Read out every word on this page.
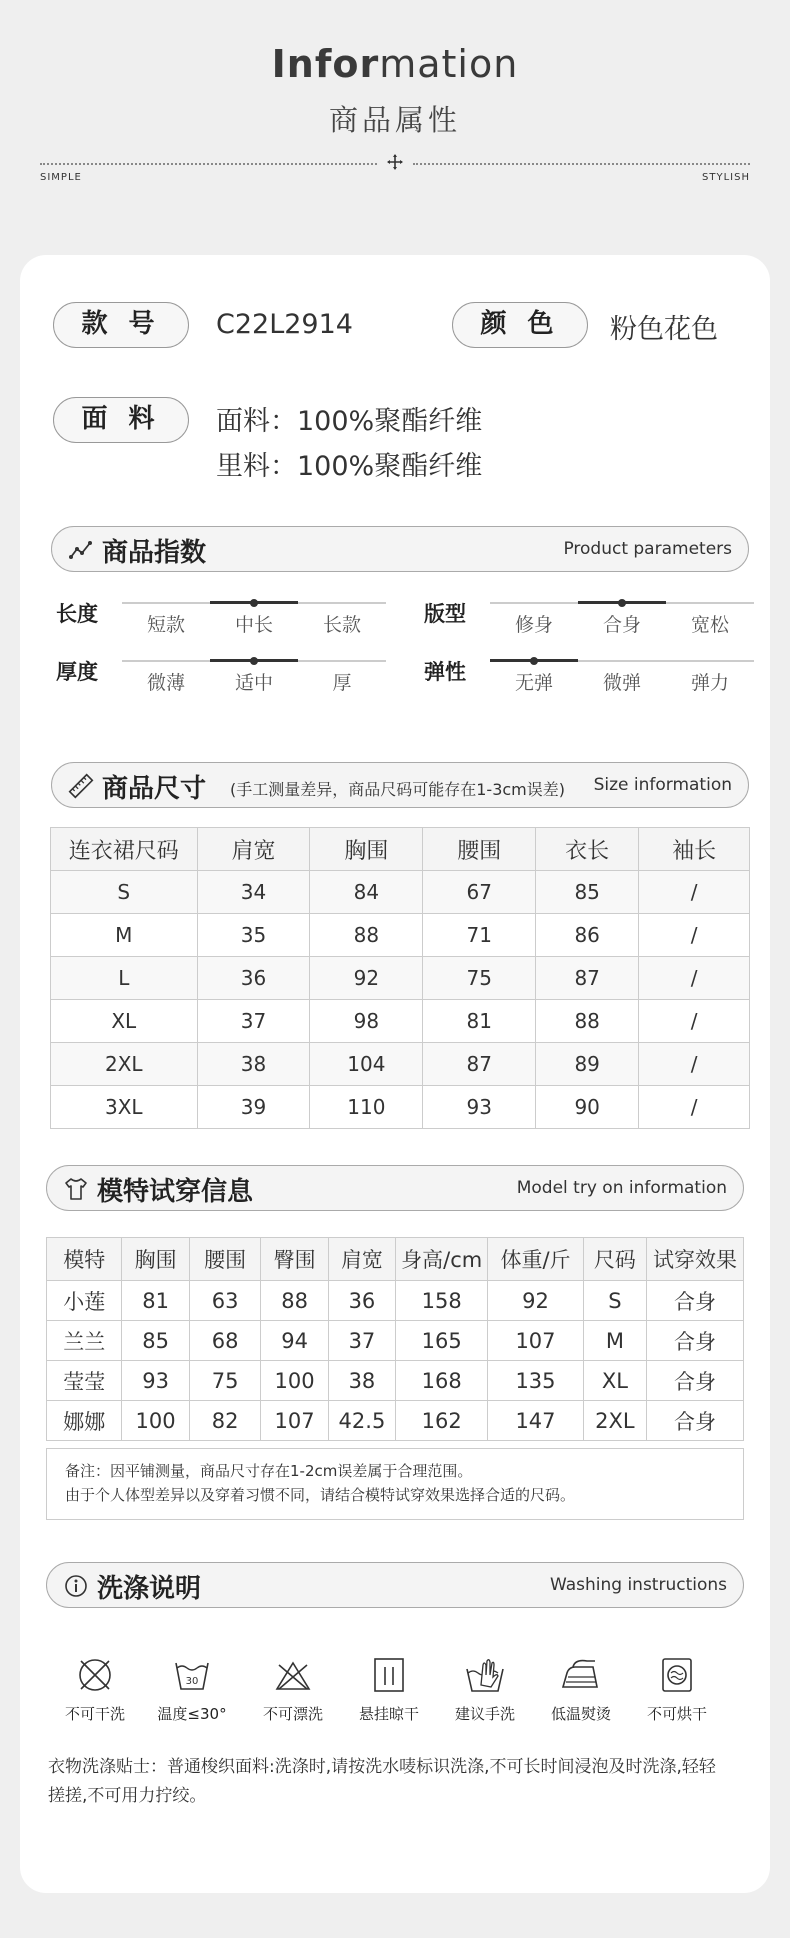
Information
商品属性
SIMPLE	STYLISH
款 号	C22L2914	颜 色	粉色花色
面 料	面料：100%聚酯纤维
里料：100%聚酯纤维
商品指数	Product parameters
长度	短款	中长	长款	版型	修身	合身	宽松
厚度	微薄	适中	厚	弹性	无弹	微弹	弹力
商品尺寸 (手工测量差异，商品尺码可能存在1-3cm误差) Size information
连衣裙尺码	肩宽	胸围	腰围	衣长	袖长
S	34	84	67	85	/
M	35	88	71	86	/
L	36	92	75	87	/
XL	37	98	81	88	/
2XL	38	104	87	89	/
3XL	39	110	93	90	/
模特试穿信息	Model try on information
模特	胸围	腰围	臀围	肩宽	身高/cm	体重/斤	尺码	试穿效果
小莲	81	63	88	36	158	92	S	合身
兰兰	85	68	94	37	165	107	M	合身
莹莹	93	75	100	38	168	135	XL	合身
娜娜	100	82	107	42.5	162	147	2XL	合身
备注：因平铺测量，商品尺寸存在1-2cm误差属于合理范围。
由于个人体型差异以及穿着习惯不同，请结合模特试穿效果选择合适的尺码。
洗涤说明	Washing instructions
不可干洗
30
温度≤30°	不可漂洗	悬挂晾干	建议手洗	低温熨烫	不可烘干
衣物洗涤贴士：普通梭织面料:洗涤时,请按洗水唛标识洗涤,不可长时间浸泡及时洗涤,轻轻
搓搓,不可用力拧绞。
